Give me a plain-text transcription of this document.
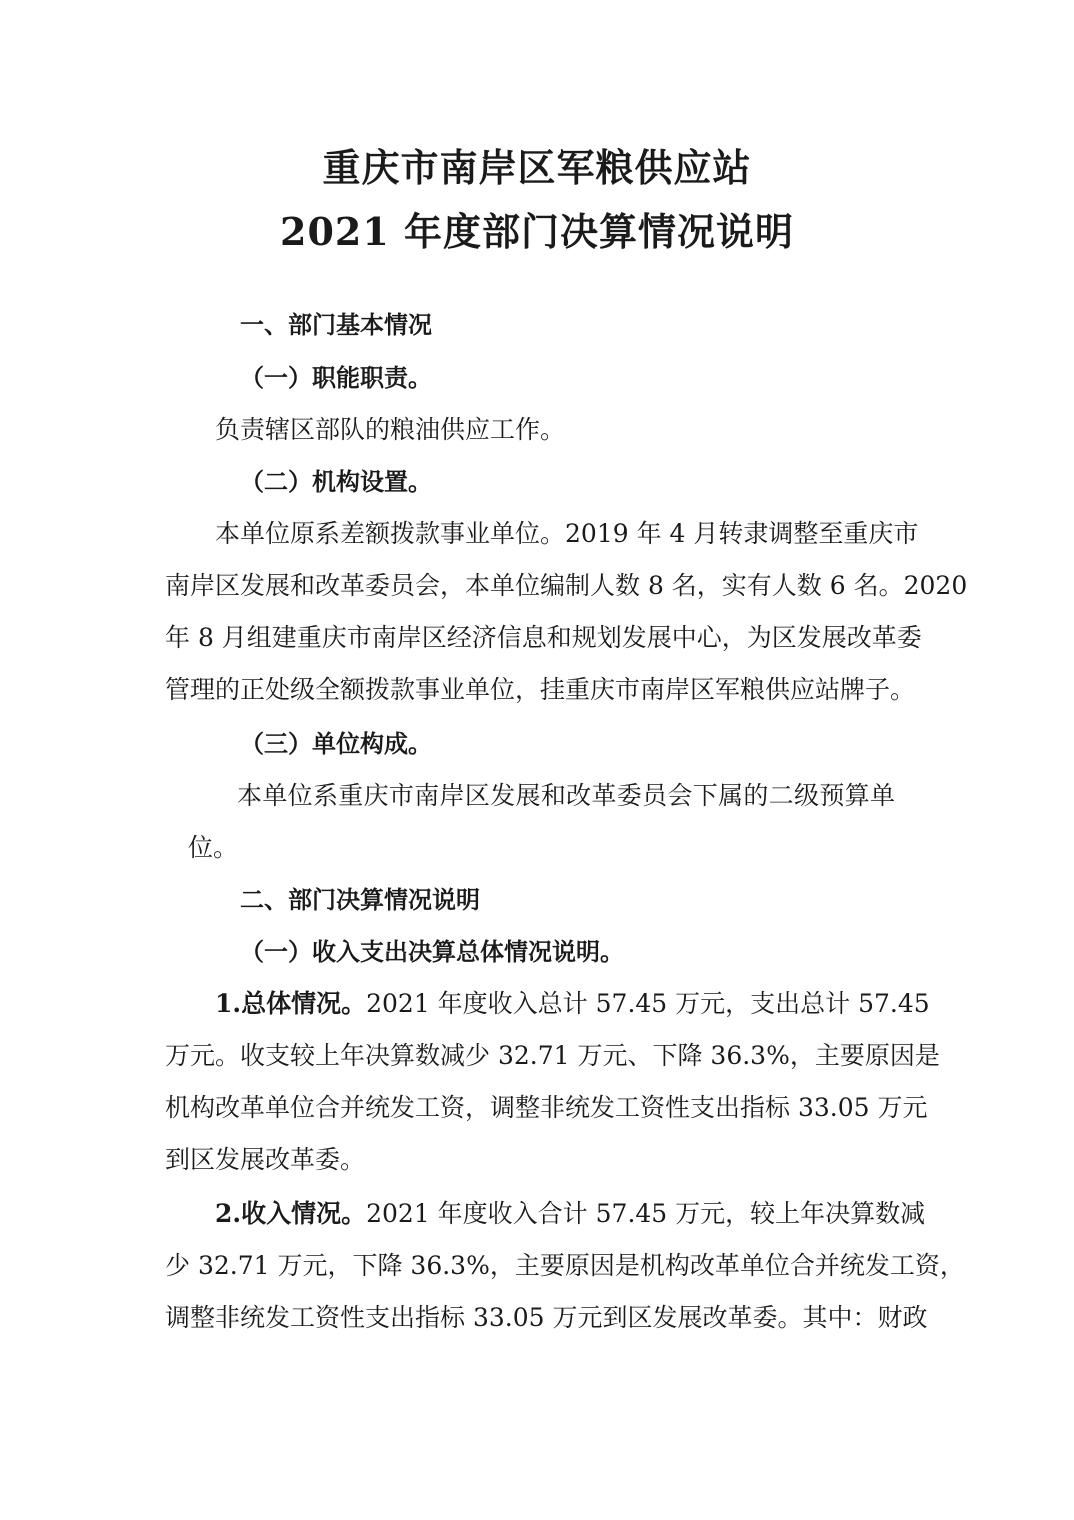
重庆市南岸区军粮供应站
2021 年度部门决算情况说明
一、部门基本情况
（一）职能职责。
负责辖区部队的粮油供应工作。
（二）机构设置。
本单位原系差额拨款事业单位。2019 年 4 月转隶调整至重庆市
南岸区发展和改革委员会，本单位编制人数 8 名，实有人数 6 名。2020
年 8 月组建重庆市南岸区经济信息和规划发展中心，为区发展改革委
管理的正处级全额拨款事业单位，挂重庆市南岸区军粮供应站牌子。
（三）单位构成。
本单位系重庆市南岸区发展和改革委员会下属的二级预算单
位。
二、部门决算情况说明
（一）收入支出决算总体情况说明。
1.总体情况。2021 年度收入总计 57.45 万元，支出总计 57.45
万元。收支较上年决算数减少 32.71 万元、下降 36.3%，主要原因是
机构改革单位合并统发工资，调整非统发工资性支出指标 33.05 万元
到区发展改革委。
2.收入情况。2021 年度收入合计 57.45 万元，较上年决算数减
少 32.71 万元，下降 36.3%，主要原因是机构改革单位合并统发工资，
调整非统发工资性支出指标 33.05 万元到区发展改革委。其中：财政
